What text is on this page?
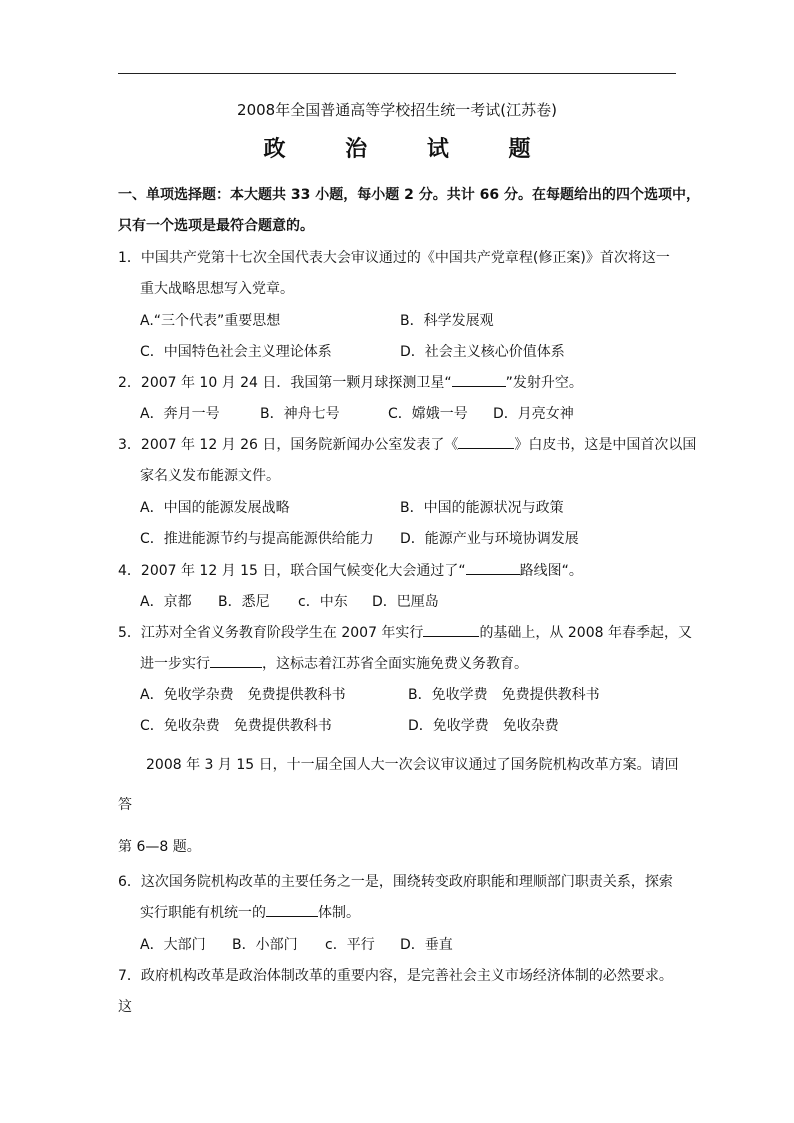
2008年全国普通高等学校招生统一考试(江苏卷)
政 治 试 题
一、单项选择题：本大题共 33 小题，每小题 2 分。共计 66 分。在每题给出的四个选项中，
只有一个选项是最符合题意的。
1．中国共产党第十七次全国代表大会审议通过的《中国共产党章程(修正案)》首次将这一
重大战略思想写入党章。
A.“三个代表”重要思想	B．科学发展观
C．中国特色社会主义理论体系	D．社会主义核心价值体系
2．2007 年 10 月 24 日．我国第一颗月球探测卫星“	”发射升空。
A．奔月一号	B．神舟七号	C．嫦娥一号 D．月亮女神
3．2007 年 12 月 26 日，国务院新闻办公室发表了《	》白皮书，这是中国首次以国
家名义发布能源文件。
A．中国的能源发展战略	B．中国的能源状况与政策
C．推进能源节约与提高能源供给能力 D．能源产业与环境协调发展
4．2007 年 12 月 15 日，联合国气候变化大会通过了“	路线图“。
A．京都 B．悉尼 c．中东 D．巴厘岛
5．江苏对全省义务教育阶段学生在 2007 年实行	的基础上，从 2008 年春季起，又
进一步实行	，这标志着江苏省全面实施免费义务教育。
A．免收学杂费　免费提供教科书	B．免收学费　免费提供教科书
C．免收杂费　免费提供教科书	D．免收学费　免收杂费
2008 年 3 月 15 日，十一届全国人大一次会议审议通过了国务院机构改革方案。请回
答
第 6—8 题。
6．这次国务院机构改革的主要任务之一是，围绕转变政府职能和理顺部门职责关系，探索
实行职能有机统一的	体制。
A．大部门 B．小部门 c．平行 D．垂直
7．政府机构改革是政治体制改革的重要内容，是完善社会主义市场经济体制的必然要求。
这
